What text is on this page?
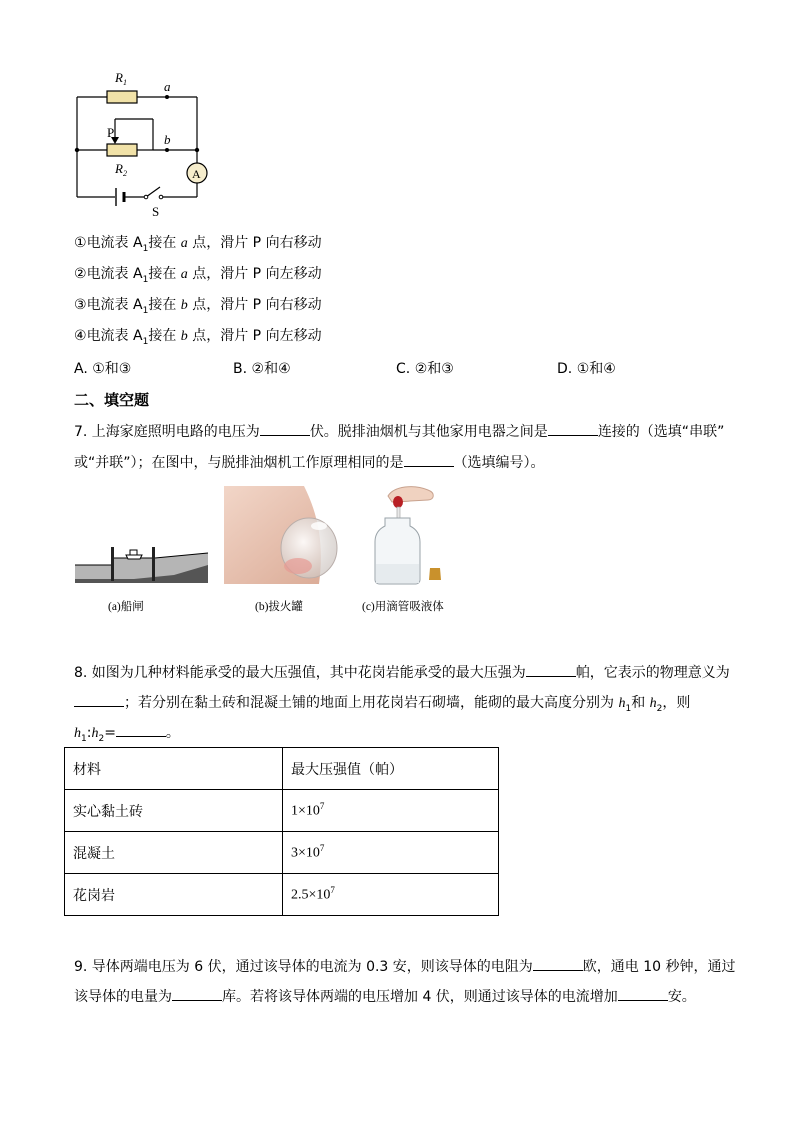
$R_1$	a
b
P
$R_2$	A
S
①电流表 $A_1$接在 a 点，滑片 P 向右移动
②电流表 $A_1$接在 a 点，滑片 P 向左移动
③电流表 $A_1$接在 b 点，滑片 P 向右移动
④电流表 $A_1$接在 b 点，滑片 P 向左移动
A. ①和③	B. ②和④	C. ②和③	D. ①和④
二、填空题
7. 上海家庭照明电路的电压为	伏。脱排油烟机与其他家用电器之间是	连接的（选填“串联”
或“并联”）；在图中，与脱排油烟机工作原理相同的是	（选填编号）。
(a)船闸	(b)拔火罐	(c)用滴管吸液体
8. 如图为几种材料能承受的最大压强值，其中花岗岩能承受的最大压强为	帕，它表示的物理意义为
；若分别在黏土砖和混凝土铺的地面上用花岗岩石砌墙，能砌的最大高度分别为 $h_1$和 $h_2$，则
$h_1:h_2=$	。
材料	最大压强值（帕）
实心黏土砖	$1\times 10^7$
混凝土	$3\times 10^7$
花岗岩	$2.5\times 10^7$
9. 导体两端电压为 6 伏，通过该导体的电流为 0.3 安，则该导体的电阻为	欧，通电 10 秒钟，通过
该导体的电量为	库。若将该导体两端的电压增加 4 伏，则通过该导体的电流增加	安。
